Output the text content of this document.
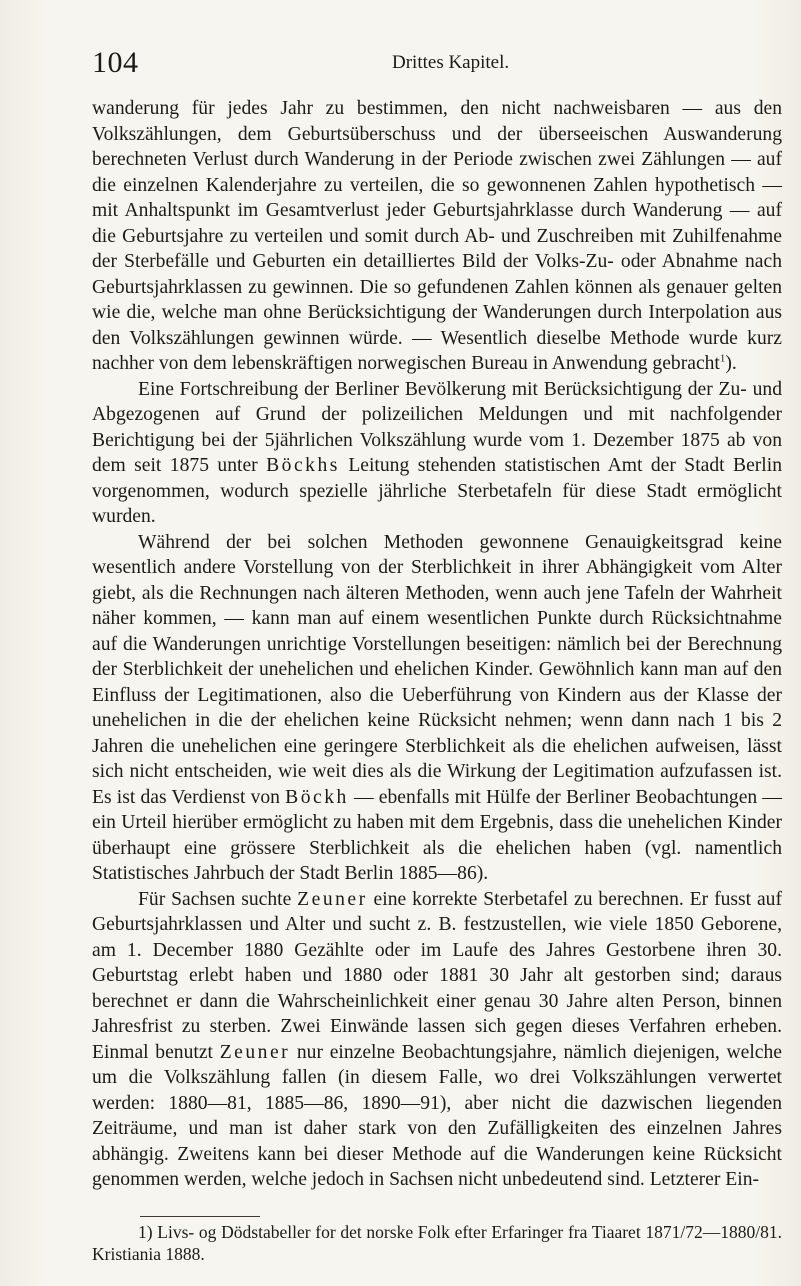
104	Drittes Kapitel.

wanderung für jedes Jahr zu bestimmen, den nicht nachweisbaren — aus den Volkszählungen, dem Geburtsüberschuss und der überseeischen Auswanderung berechneten Verlust durch Wanderung in der Periode zwischen zwei Zählungen — auf die einzelnen Kalenderjahre zu verteilen, die so gewonnenen Zahlen hypothetisch — mit Anhaltspunkt im Gesamtverlust jeder Geburtsjahrklasse durch Wanderung — auf die Geburtsjahre zu verteilen und somit durch Ab- und Zuschreiben mit Zuhilfenahme der Sterbefälle und Geburten ein detailliertes Bild der Volks-Zu- oder Abnahme nach Geburtsjahrklassen zu gewinnen. Die so gefundenen Zahlen können als genauer gelten wie die, welche man ohne Berücksichtigung der Wanderungen durch Interpolation aus den Volkszählungen gewinnen würde. — Wesentlich dieselbe Methode wurde kurz nachher von dem lebenskräftigen norwegischen Bureau in Anwendung gebracht$^1$).

Eine Fortschreibung der Berliner Bevölkerung mit Berücksichtigung der Zu- und Abgezogenen auf Grund der polizeilichen Meldungen und mit nachfolgender Berichtigung bei der 5jährlichen Volkszählung wurde vom 1. Dezember 1875 ab von dem seit 1875 unter Böckhs Leitung stehenden statistischen Amt der Stadt Berlin vorgenommen, wodurch spezielle jährliche Sterbetafeln für diese Stadt ermöglicht wurden.

Während der bei solchen Methoden gewonnene Genauigkeitsgrad keine wesentlich andere Vorstellung von der Sterblichkeit in ihrer Abhängigkeit vom Alter giebt, als die Rechnungen nach älteren Methoden, wenn auch jene Tafeln der Wahrheit näher kommen, — kann man auf einem wesentlichen Punkte durch Rücksichtnahme auf die Wanderungen unrichtige Vorstellungen beseitigen: nämlich bei der Berechnung der Sterblichkeit der unehelichen und ehelichen Kinder. Gewöhnlich kann man auf den Einfluss der Legitimationen, also die Ueberführung von Kindern aus der Klasse der unehelichen in die der ehelichen keine Rücksicht nehmen; wenn dann nach 1 bis 2 Jahren die unehelichen eine geringere Sterblichkeit als die ehelichen aufweisen, lässt sich nicht entscheiden, wie weit dies als die Wirkung der Legitimation aufzufassen ist. Es ist das Verdienst von Böckh — ebenfalls mit Hülfe der Berliner Beobachtungen — ein Urteil hierüber ermöglicht zu haben mit dem Ergebnis, dass die unehelichen Kinder überhaupt eine grössere Sterblichkeit als die ehelichen haben (vgl. namentlich Statistisches Jahrbuch der Stadt Berlin 1885—86).

Für Sachsen suchte Zeuner eine korrekte Sterbetafel zu berechnen. Er fusst auf Geburtsjahrklassen und Alter und sucht z. B. festzustellen, wie viele 1850 Geborene, am 1. December 1880 Gezählte oder im Laufe des Jahres Gestorbene ihren 30. Geburtstag erlebt haben und 1880 oder 1881 30 Jahr alt gestorben sind; daraus berechnet er dann die Wahrscheinlichkeit einer genau 30 Jahre alten Person, binnen Jahresfrist zu sterben. Zwei Einwände lassen sich gegen dieses Verfahren erheben. Einmal benutzt Zeuner nur einzelne Beobachtungsjahre, nämlich diejenigen, welche um die Volkszählung fallen (in diesem Falle, wo drei Volkszählungen verwertet werden: 1880—81, 1885—86, 1890—91), aber nicht die dazwischen liegenden Zeiträume, und man ist daher stark von den Zufälligkeiten des einzelnen Jahres abhängig. Zweitens kann bei dieser Methode auf die Wanderungen keine Rücksicht genommen werden, welche jedoch in Sachsen nicht unbedeutend sind. Letzterer Ein-

1) Livs- og Dödstabeller for det norske Folk efter Erfaringer fra Tiaaret 1871/72—1880/81. Kristiania 1888.
